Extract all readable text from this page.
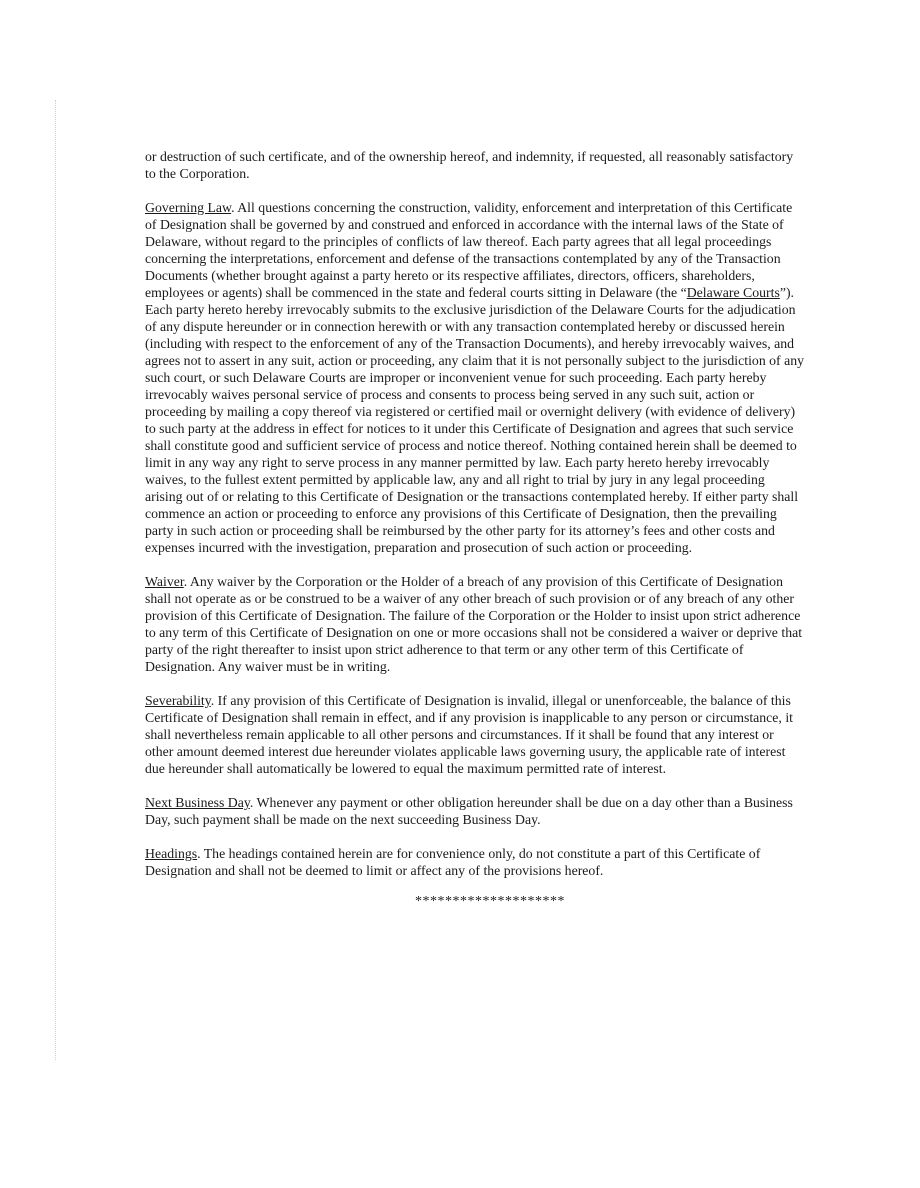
or destruction of such certificate, and of the ownership hereof, and indemnity, if requested, all reasonably satisfactory to the Corporation.

Governing Law. All questions concerning the construction, validity, enforcement and interpretation of this Certificate of Designation shall be governed by and construed and enforced in accordance with the internal laws of the State of Delaware, without regard to the principles of conflicts of law thereof. Each party agrees that all legal proceedings concerning the interpretations, enforcement and defense of the transactions contemplated by any of the Transaction Documents (whether brought against a party hereto or its respective affiliates, directors, officers, shareholders, employees or agents) shall be commenced in the state and federal courts sitting in Delaware (the “Delaware Courts”). Each party hereto hereby irrevocably submits to the exclusive jurisdiction of the Delaware Courts for the adjudication of any dispute hereunder or in connection herewith or with any transaction contemplated hereby or discussed herein (including with respect to the enforcement of any of the Transaction Documents), and hereby irrevocably waives, and agrees not to assert in any suit, action or proceeding, any claim that it is not personally subject to the jurisdiction of any such court, or such Delaware Courts are improper or inconvenient venue for such proceeding. Each party hereby irrevocably waives personal service of process and consents to process being served in any such suit, action or proceeding by mailing a copy thereof via registered or certified mail or overnight delivery (with evidence of delivery) to such party at the address in effect for notices to it under this Certificate of Designation and agrees that such service shall constitute good and sufficient service of process and notice thereof. Nothing contained herein shall be deemed to limit in any way any right to serve process in any manner permitted by law. Each party hereto hereby irrevocably waives, to the fullest extent permitted by applicable law, any and all right to trial by jury in any legal proceeding arising out of or relating to this Certificate of Designation or the transactions contemplated hereby. If either party shall commence an action or proceeding to enforce any provisions of this Certificate of Designation, then the prevailing party in such action or proceeding shall be reimbursed by the other party for its attorney’s fees and other costs and expenses incurred with the investigation, preparation and prosecution of such action or proceeding.

Waiver. Any waiver by the Corporation or the Holder of a breach of any provision of this Certificate of Designation shall not operate as or be construed to be a waiver of any other breach of such provision or of any breach of any other provision of this Certificate of Designation. The failure of the Corporation or the Holder to insist upon strict adherence to any term of this Certificate of Designation on one or more occasions shall not be considered a waiver or deprive that party of the right thereafter to insist upon strict adherence to that term or any other term of this Certificate of Designation. Any waiver must be in writing.

Severability. If any provision of this Certificate of Designation is invalid, illegal or unenforceable, the balance of this Certificate of Designation shall remain in effect, and if any provision is inapplicable to any person or circumstance, it shall nevertheless remain applicable to all other persons and circumstances. If it shall be found that any interest or other amount deemed interest due hereunder violates applicable laws governing usury, the applicable rate of interest due hereunder shall automatically be lowered to equal the maximum permitted rate of interest.

Next Business Day. Whenever any payment or other obligation hereunder shall be due on a day other than a Business Day, such payment shall be made on the next succeeding Business Day.

Headings. The headings contained herein are for convenience only, do not constitute a part of this Certificate of Designation and shall not be deemed to limit or affect any of the provisions hereof.

********************
